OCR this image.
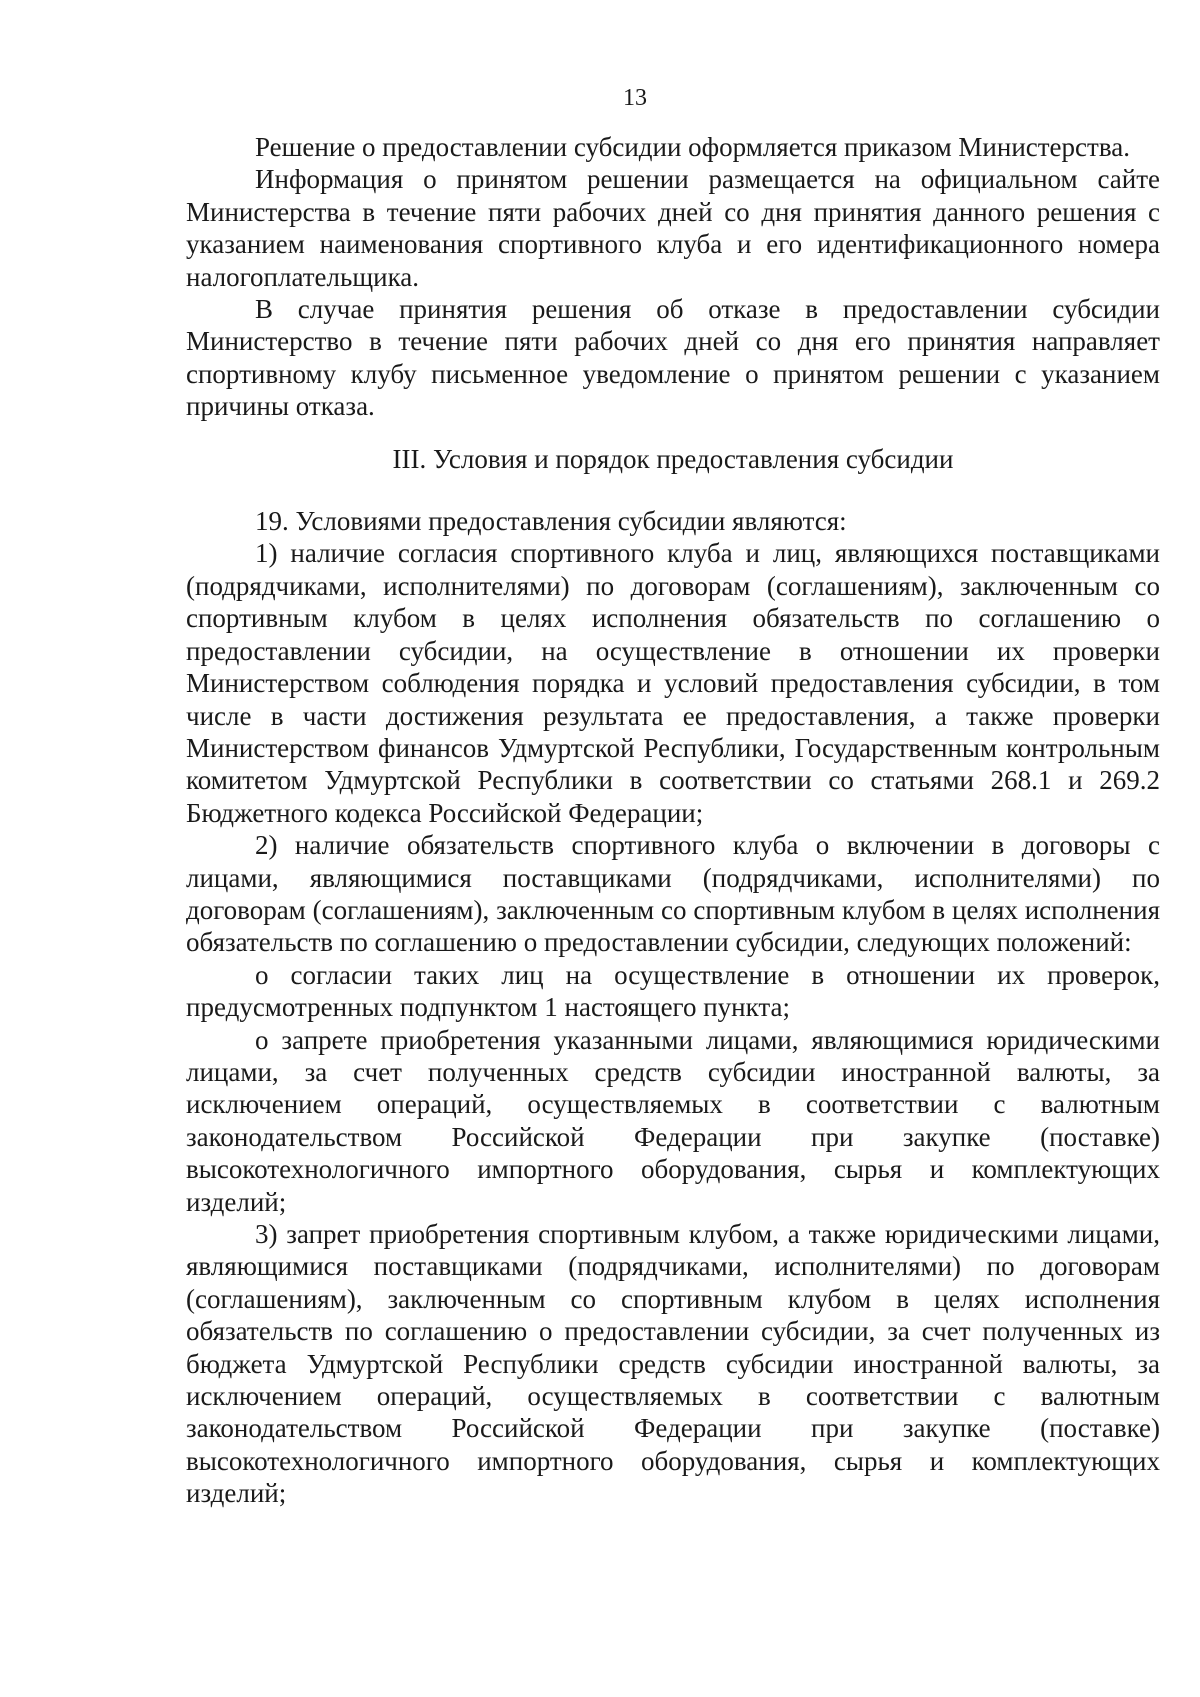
13

Решение о предоставлении субсидии оформляется приказом Министерства.

Информация о принятом решении размещается на официальном сайте Министерства в течение пяти рабочих дней со дня принятия данного решения с указанием наименования спортивного клуба и его идентификационного номера налогоплательщика.

В случае принятия решения об отказе в предоставлении субсидии Министерство в течение пяти рабочих дней со дня его принятия направляет спортивному клубу письменное уведомление о принятом решении с указанием причины отказа.

III. Условия и порядок предоставления субсидии

19. Условиями предоставления субсидии являются:

1) наличие согласия спортивного клуба и лиц, являющихся поставщиками (подрядчиками, исполнителями) по договорам (соглашениям), заключенным со спортивным клубом в целях исполнения обязательств по соглашению о предоставлении субсидии, на осуществление в отношении их проверки Министерством соблюдения порядка и условий предоставления субсидии, в том числе в части достижения результата ее предоставления, а также проверки Министерством финансов Удмуртской Республики, Государственным контрольным комитетом Удмуртской Республики в соответствии со статьями 268.1 и 269.2 Бюджетного кодекса Российской Федерации;

2) наличие обязательств спортивного клуба о включении в договоры с лицами, являющимися поставщиками (подрядчиками, исполнителями) по договорам (соглашениям), заключенным со спортивным клубом в целях исполнения обязательств по соглашению о предоставлении субсидии, следующих положений:

о согласии таких лиц на осуществление в отношении их проверок, предусмотренных подпунктом 1 настоящего пункта;

о запрете приобретения указанными лицами, являющимися юридическими лицами, за счет полученных средств субсидии иностранной валюты, за исключением операций, осуществляемых в соответствии с валютным законодательством Российской Федерации при закупке (поставке) высокотехнологичного импортного оборудования, сырья и комплектующих изделий;

3) запрет приобретения спортивным клубом, а также юридическими лицами, являющимися поставщиками (подрядчиками, исполнителями) по договорам (соглашениям), заключенным со спортивным клубом в целях исполнения обязательств по соглашению о предоставлении субсидии, за счет полученных из бюджета Удмуртской Республики средств субсидии иностранной валюты, за исключением операций, осуществляемых в соответствии с валютным законодательством Российской Федерации при закупке (поставке) высокотехнологичного импортного оборудования, сырья и комплектующих изделий;
